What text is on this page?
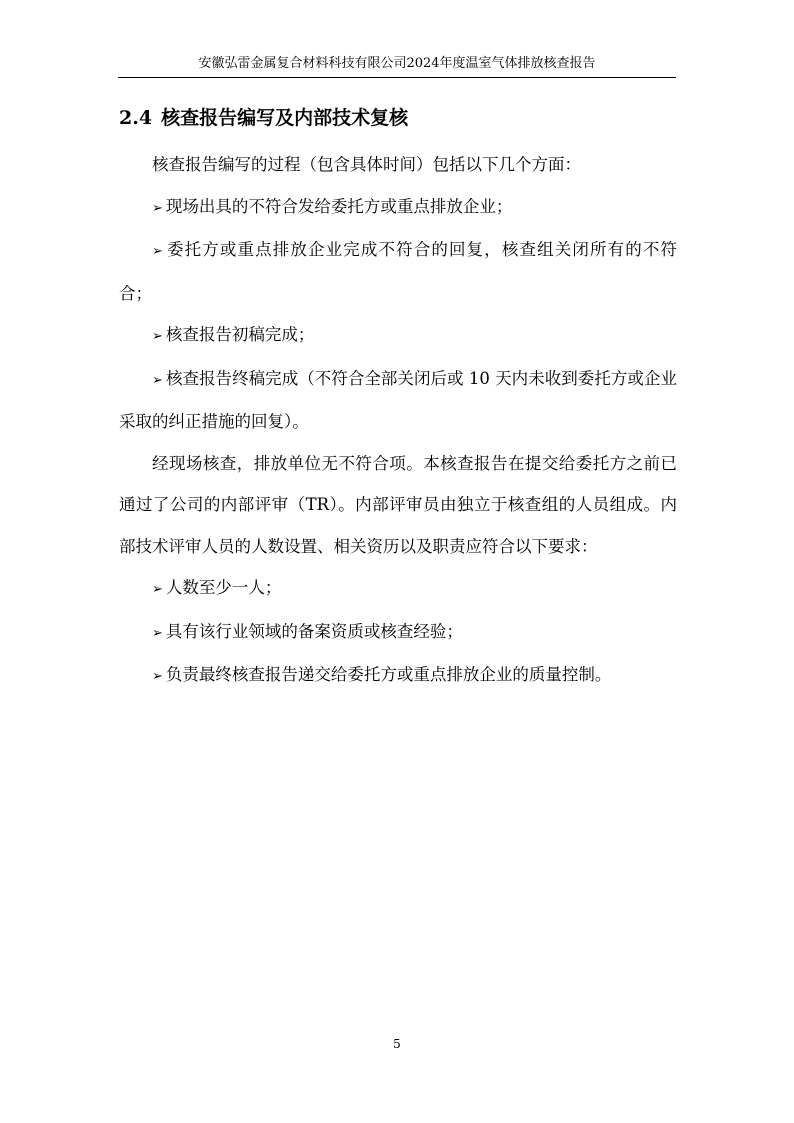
安徽弘雷金属复合材料科技有限公司2024年度温室气体排放核查报告
2.4 核查报告编写及内部技术复核

核查报告编写的过程（包含具体时间）包括以下几个方面：

➢ 现场出具的不符合发给委托方或重点排放企业；

➢ 委托方或重点排放企业完成不符合的回复，核查组关闭所有的不符合；

➢ 核查报告初稿完成；

➢ 核查报告终稿完成（不符合全部关闭后或 10 天内未收到委托方或企业采取的纠正措施的回复）。

经现场核查，排放单位无不符合项。本核查报告在提交给委托方之前已通过了公司的内部评审（TR）。内部评审员由独立于核查组的人员组成。内部技术评审人员的人数设置、相关资历以及职责应符合以下要求：

➢ 人数至少一人；

➢ 具有该行业领域的备案资质或核查经验；

➢ 负责最终核查报告递交给委托方或重点排放企业的质量控制。

5
